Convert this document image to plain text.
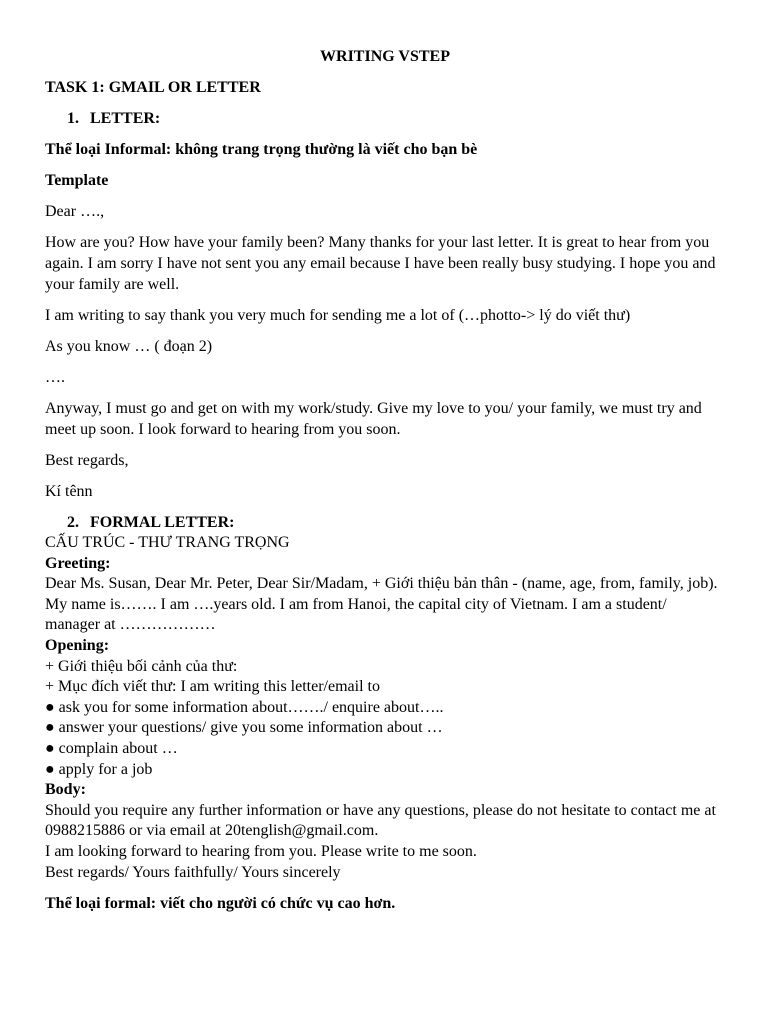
WRITING VSTEP

TASK 1: GMAIL OR LETTER

1. LETTER:

Thể loại Informal: không trang trọng thường là viết cho bạn bè

Template

Dear ….,

How are you? How have your family been? Many thanks for your last letter. It is great to hear from you again. I am sorry I have not sent you any email because I have been really busy studying. I hope you and your family are well.

I am writing to say thank you very much for sending me a lot of (…photto-> lý do viết thư)

As you know … ( đoạn 2)

….

Anyway, I must go and get on with my work/study. Give my love to you/ your family, we must try and meet up soon. I look forward to hearing from you soon.

Best regards,

Kí tênn

2. FORMAL LETTER:
CẤU TRÚC - THƯ TRANG TRỌNG
Greeting:
Dear Ms. Susan, Dear Mr. Peter, Dear Sir/Madam, + Giới thiệu bản thân - (name, age, from, family, job). My name is……. I am ….years old. I am from Hanoi, the capital city of Vietnam. I am a student/ manager at ………………
Opening:
+ Giới thiệu bối cảnh của thư:
+ Mục đích viết thư: I am writing this letter/email to
● ask you for some information about……./ enquire about…..
● answer your questions/ give you some information about …
● complain about …
● apply for a job
Body:
Should you require any further information or have any questions, please do not hesitate to contact me at 0988215886 or via email at 20tenglish@gmail.com.
I am looking forward to hearing from you. Please write to me soon.
Best regards/ Yours faithfully/ Yours sincerely

Thể loại formal: viết cho người có chức vụ cao hơn.
